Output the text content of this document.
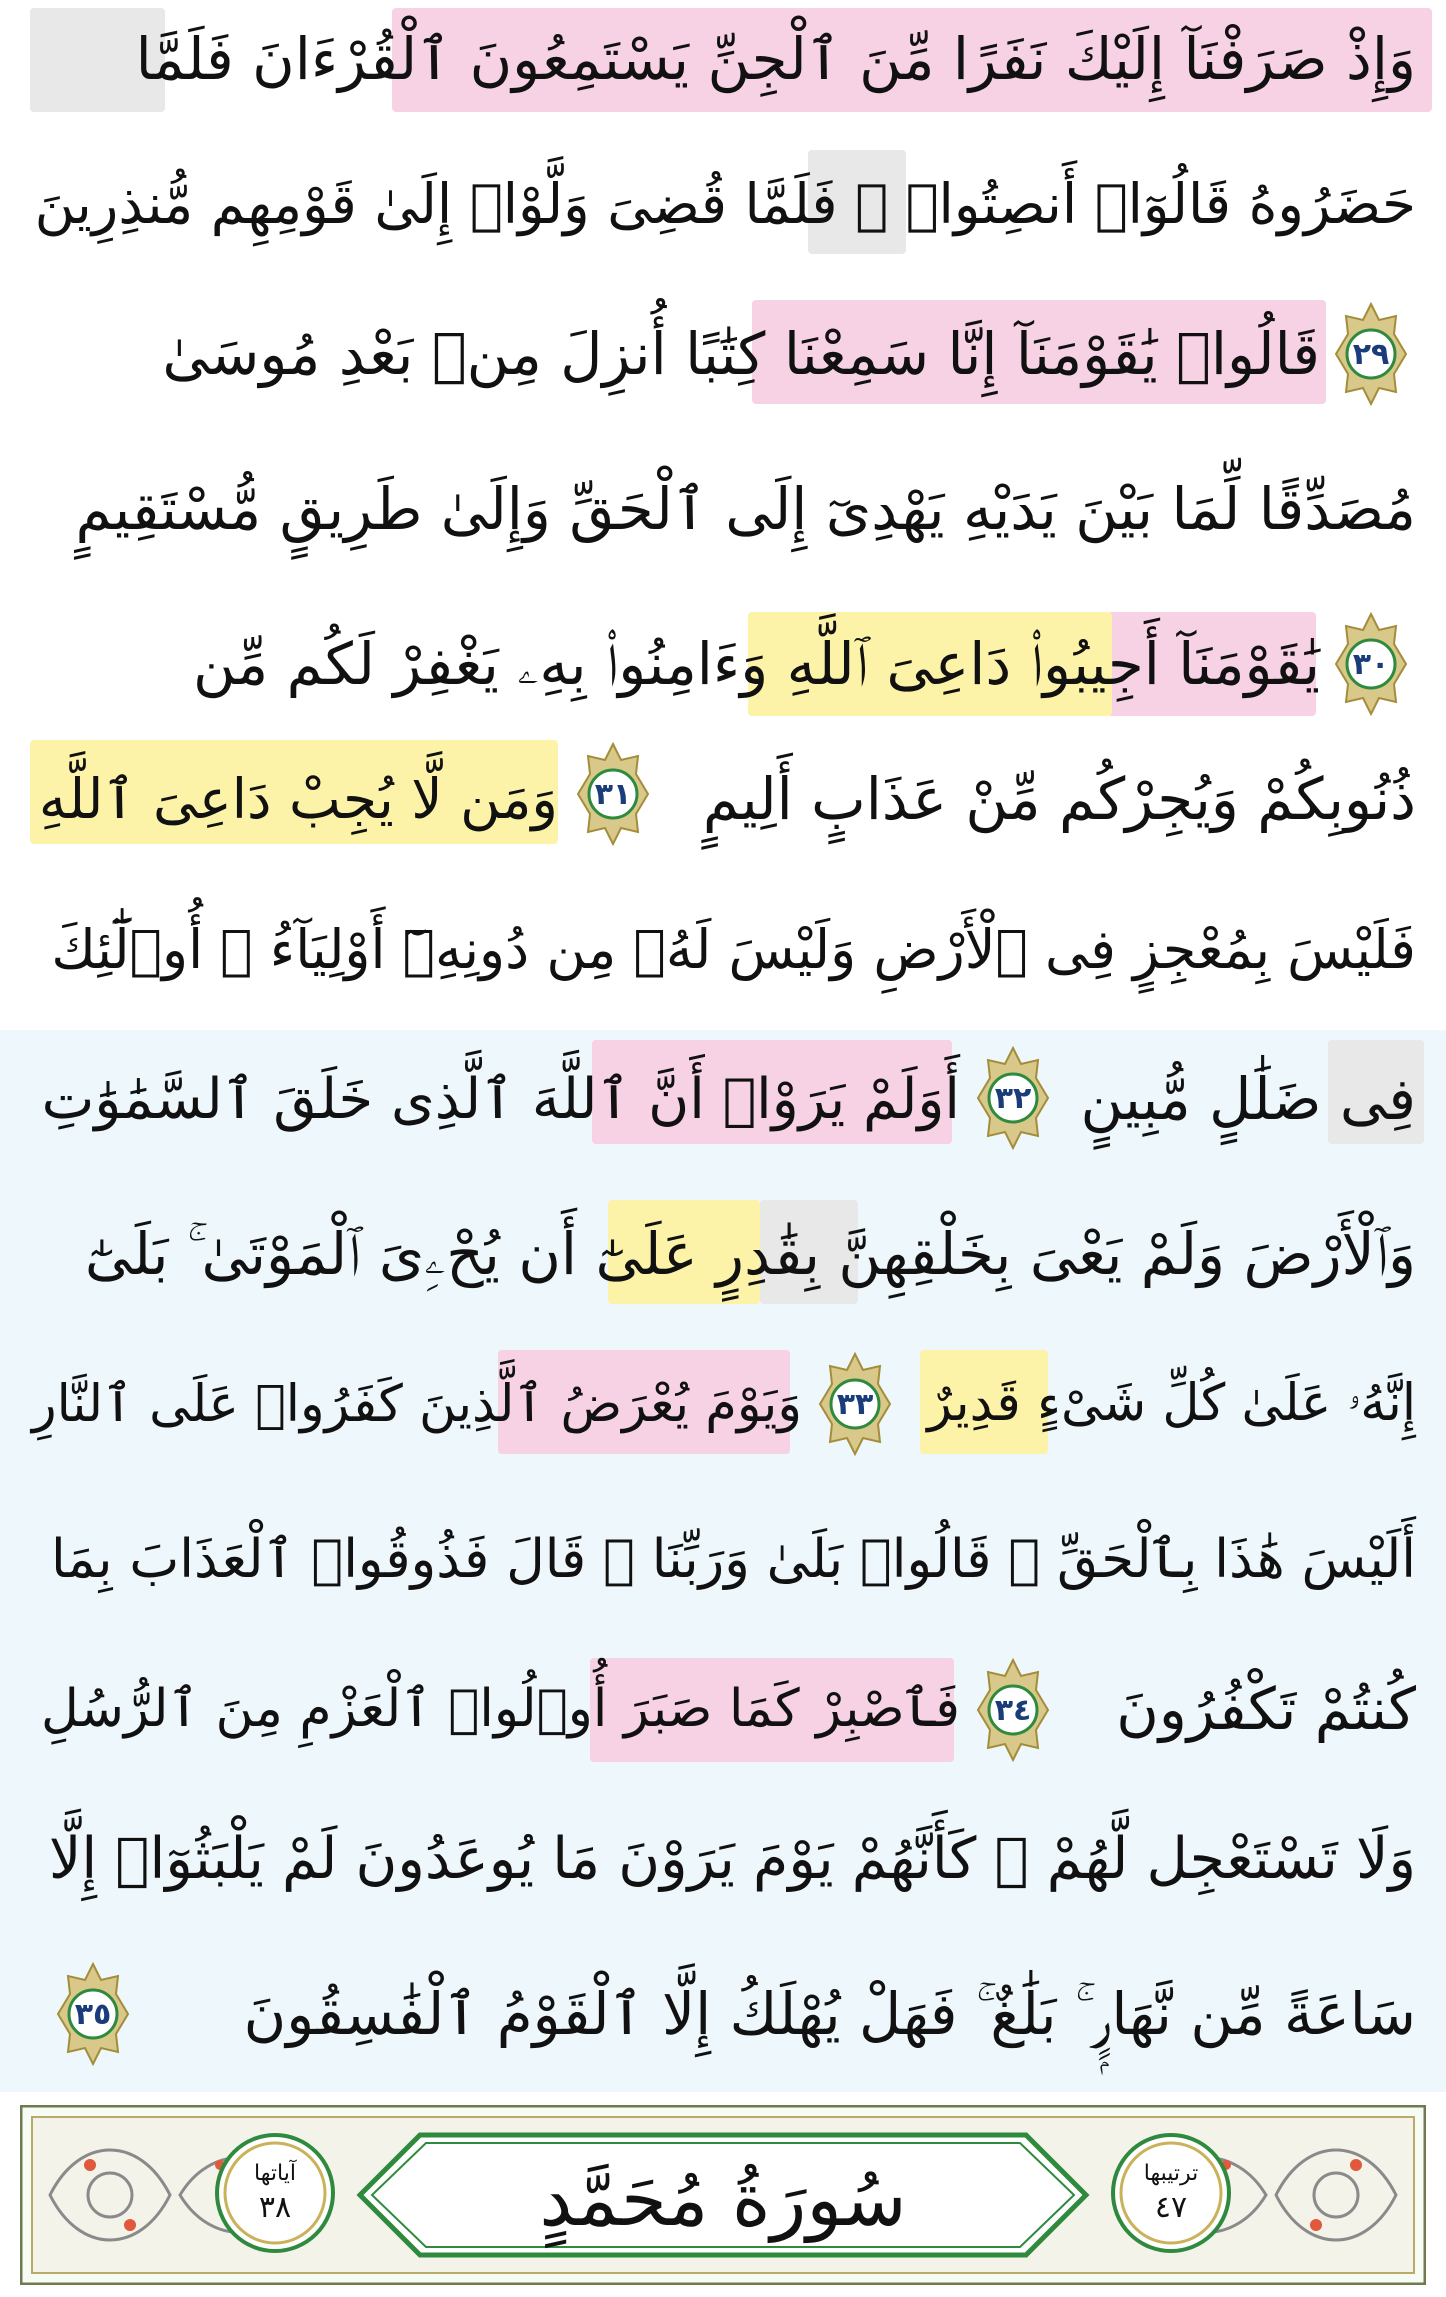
وَإِذْ صَرَفْنَآ إِلَيْكَ نَفَرًا مِّنَ ٱلْجِنِّ يَسْتَمِعُونَ ٱلْقُرْءَانَ فَلَمَّا
حَضَرُوهُ قَالُوٓا۟ أَنصِتُوا۟ ۖ فَلَمَّا قُضِىَ وَلَّوْا۟ إِلَىٰ قَوْمِهِم مُّنذِرِينَ
قَالُوا۟ يَٰقَوْمَنَآ إِنَّا سَمِعْنَا كِتَٰبًا أُنزِلَ مِنۢ بَعْدِ مُوسَىٰ
مُصَدِّقًا لِّمَا بَيْنَ يَدَيْهِ يَهْدِىٓ إِلَى ٱلْحَقِّ وَإِلَىٰ طَرِيقٍ مُّسْتَقِيمٍ
يَٰقَوْمَنَآ أَجِيبُوا۟ دَاعِىَ ٱللَّهِ وَءَامِنُوا۟ بِهِۦ يَغْفِرْ لَكُم مِّن
ذُنُوبِكُمْ وَيُجِرْكُم مِّنْ عَذَابٍ أَلِيمٍ
وَمَن لَّا يُجِبْ دَاعِىَ ٱللَّهِ
فَلَيْسَ بِمُعْجِزٍ فِى ٱلْأَرْضِ وَلَيْسَ لَهُۥ مِن دُونِهِۦٓ أَوْلِيَآءُ ۚ أُو۟لَٰٓئِكَ
فِى ضَلَٰلٍ مُّبِينٍ
أَوَلَمْ يَرَوْا۟ أَنَّ ٱللَّهَ ٱلَّذِى خَلَقَ ٱلسَّمَٰوَٰتِ
وَٱلْأَرْضَ وَلَمْ يَعْىَ بِخَلْقِهِنَّ بِقَٰدِرٍ عَلَىٰٓ أَن يُحْۦِىَ ٱلْمَوْتَىٰ ۚ بَلَىٰٓ
إِنَّهُۥ عَلَىٰ كُلِّ شَىْءٍ قَدِيرٌ
وَيَوْمَ يُعْرَضُ ٱلَّذِينَ كَفَرُوا۟ عَلَى ٱلنَّارِ
أَلَيْسَ هَٰذَا بِٱلْحَقِّ ۖ قَالُوا۟ بَلَىٰ وَرَبِّنَا ۚ قَالَ فَذُوقُوا۟ ٱلْعَذَابَ بِمَا
كُنتُمْ تَكْفُرُونَ
فَٱصْبِرْ كَمَا صَبَرَ أُو۟لُوا۟ ٱلْعَزْمِ مِنَ ٱلرُّسُلِ
وَلَا تَسْتَعْجِل لَّهُمْ ۚ كَأَنَّهُمْ يَوْمَ يَرَوْنَ مَا يُوعَدُونَ لَمْ يَلْبَثُوٓا۟ إِلَّا
سَاعَةً مِّن نَّهَارٍۭ ۚ بَلَٰغٌ ۚ فَهَلْ يُهْلَكُ إِلَّا ٱلْقَوْمُ ٱلْفَٰسِقُونَ
٢٩
٣٠
٣١
٣٢
٣٣
٣٤
٣٥
آياتها
٣٨	سُورَةُ مُحَمَّدٍ	ترتيبها
٤٧
